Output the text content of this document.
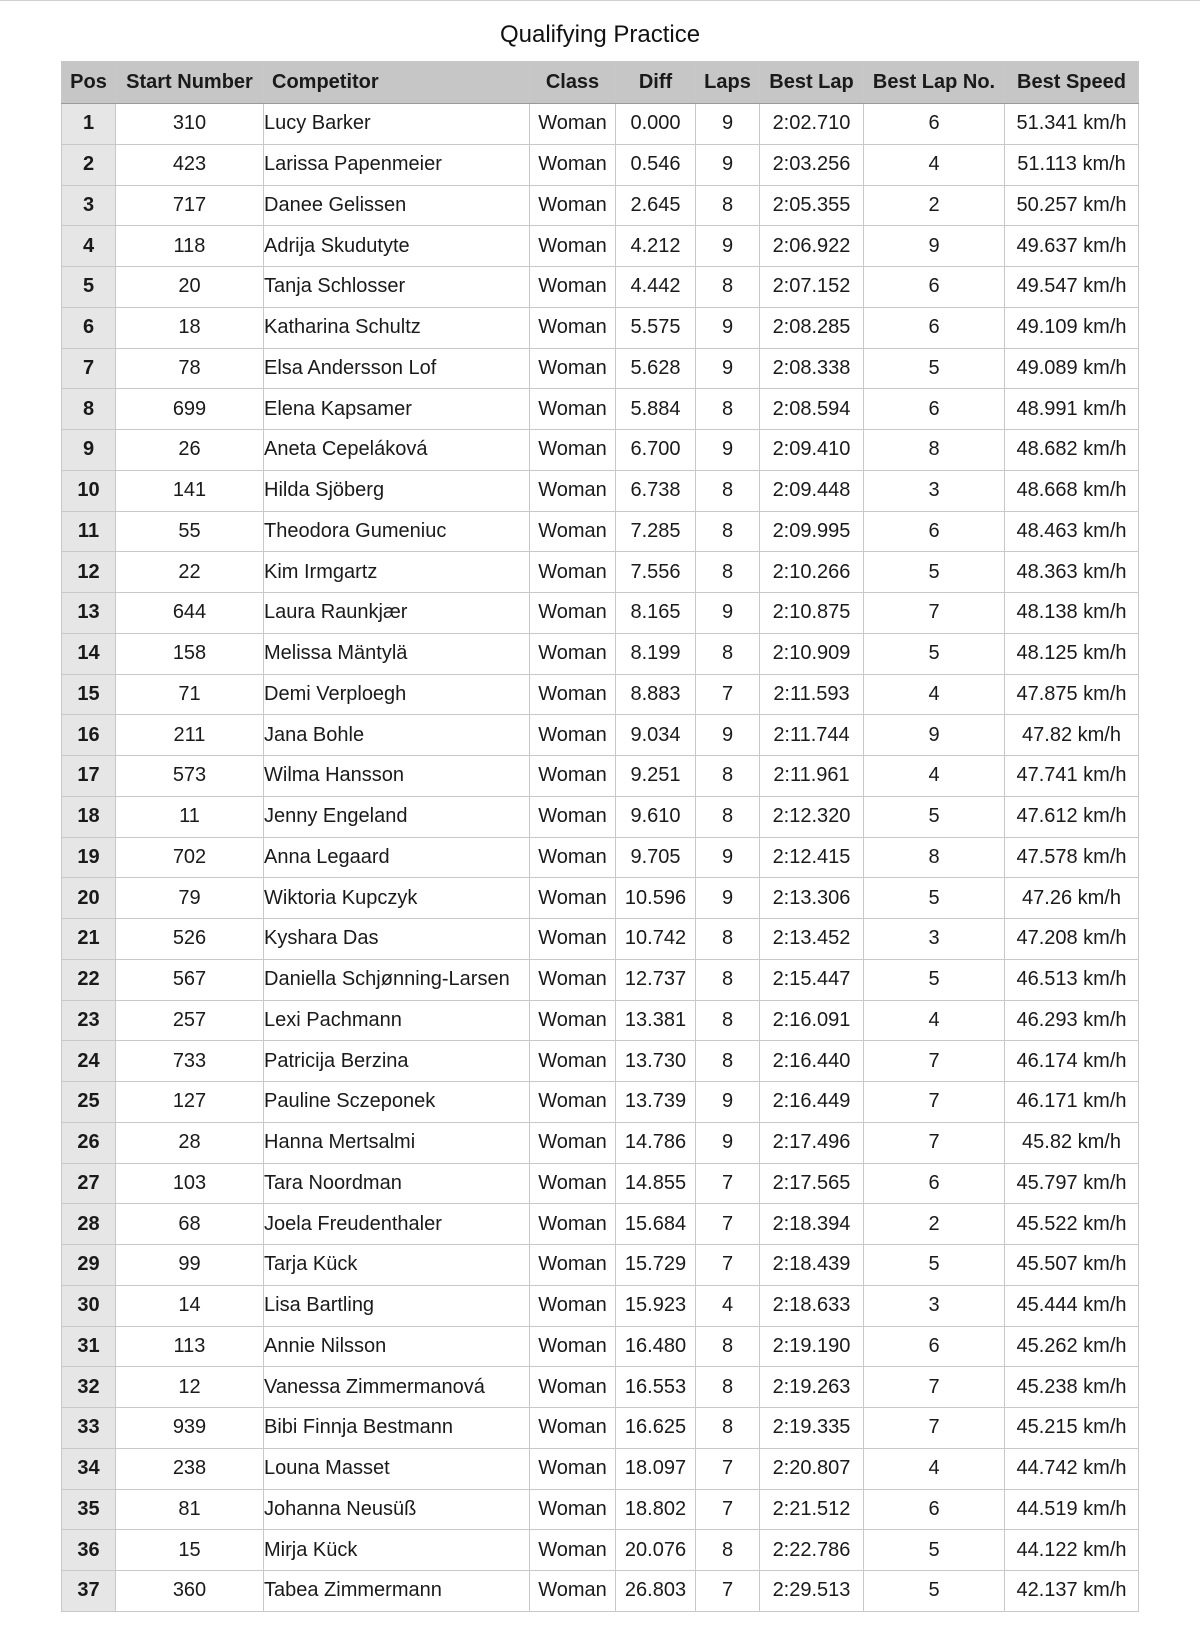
Qualifying Practice
Pos	Start Number	Competitor	Class	Diff	Laps	Best Lap	Best Lap No.	Best Speed
1	310	Lucy Barker	Woman	0.000	9	2:02.710	6	51.341 km/h
2	423	Larissa Papenmeier	Woman	0.546	9	2:03.256	4	51.113 km/h
3	717	Danee Gelissen	Woman	2.645	8	2:05.355	2	50.257 km/h
4	118	Adrija Skudutyte	Woman	4.212	9	2:06.922	9	49.637 km/h
5	20	Tanja Schlosser	Woman	4.442	8	2:07.152	6	49.547 km/h
6	18	Katharina Schultz	Woman	5.575	9	2:08.285	6	49.109 km/h
7	78	Elsa Andersson Lof	Woman	5.628	9	2:08.338	5	49.089 km/h
8	699	Elena Kapsamer	Woman	5.884	8	2:08.594	6	48.991 km/h
9	26	Aneta Cepeláková	Woman	6.700	9	2:09.410	8	48.682 km/h
10	141	Hilda Sjöberg	Woman	6.738	8	2:09.448	3	48.668 km/h
11	55	Theodora Gumeniuc	Woman	7.285	8	2:09.995	6	48.463 km/h
12	22	Kim Irmgartz	Woman	7.556	8	2:10.266	5	48.363 km/h
13	644	Laura Raunkjær	Woman	8.165	9	2:10.875	7	48.138 km/h
14	158	Melissa Mäntylä	Woman	8.199	8	2:10.909	5	48.125 km/h
15	71	Demi Verploegh	Woman	8.883	7	2:11.593	4	47.875 km/h
16	211	Jana Bohle	Woman	9.034	9	2:11.744	9	47.82 km/h
17	573	Wilma Hansson	Woman	9.251	8	2:11.961	4	47.741 km/h
18	11	Jenny Engeland	Woman	9.610	8	2:12.320	5	47.612 km/h
19	702	Anna Legaard	Woman	9.705	9	2:12.415	8	47.578 km/h
20	79	Wiktoria Kupczyk	Woman	10.596	9	2:13.306	5	47.26 km/h
21	526	Kyshara Das	Woman	10.742	8	2:13.452	3	47.208 km/h
22	567	Daniella Schjønning-Larsen	Woman	12.737	8	2:15.447	5	46.513 km/h
23	257	Lexi Pachmann	Woman	13.381	8	2:16.091	4	46.293 km/h
24	733	Patricija Berzina	Woman	13.730	8	2:16.440	7	46.174 km/h
25	127	Pauline Sczeponek	Woman	13.739	9	2:16.449	7	46.171 km/h
26	28	Hanna Mertsalmi	Woman	14.786	9	2:17.496	7	45.82 km/h
27	103	Tara Noordman	Woman	14.855	7	2:17.565	6	45.797 km/h
28	68	Joela Freudenthaler	Woman	15.684	7	2:18.394	2	45.522 km/h
29	99	Tarja Kück	Woman	15.729	7	2:18.439	5	45.507 km/h
30	14	Lisa Bartling	Woman	15.923	4	2:18.633	3	45.444 km/h
31	113	Annie Nilsson	Woman	16.480	8	2:19.190	6	45.262 km/h
32	12	Vanessa Zimmermanová	Woman	16.553	8	2:19.263	7	45.238 km/h
33	939	Bibi Finnja Bestmann	Woman	16.625	8	2:19.335	7	45.215 km/h
34	238	Louna Masset	Woman	18.097	7	2:20.807	4	44.742 km/h
35	81	Johanna Neusüß	Woman	18.802	7	2:21.512	6	44.519 km/h
36	15	Mirja Kück	Woman	20.076	8	2:22.786	5	44.122 km/h
37	360	Tabea Zimmermann	Woman	26.803	7	2:29.513	5	42.137 km/h
